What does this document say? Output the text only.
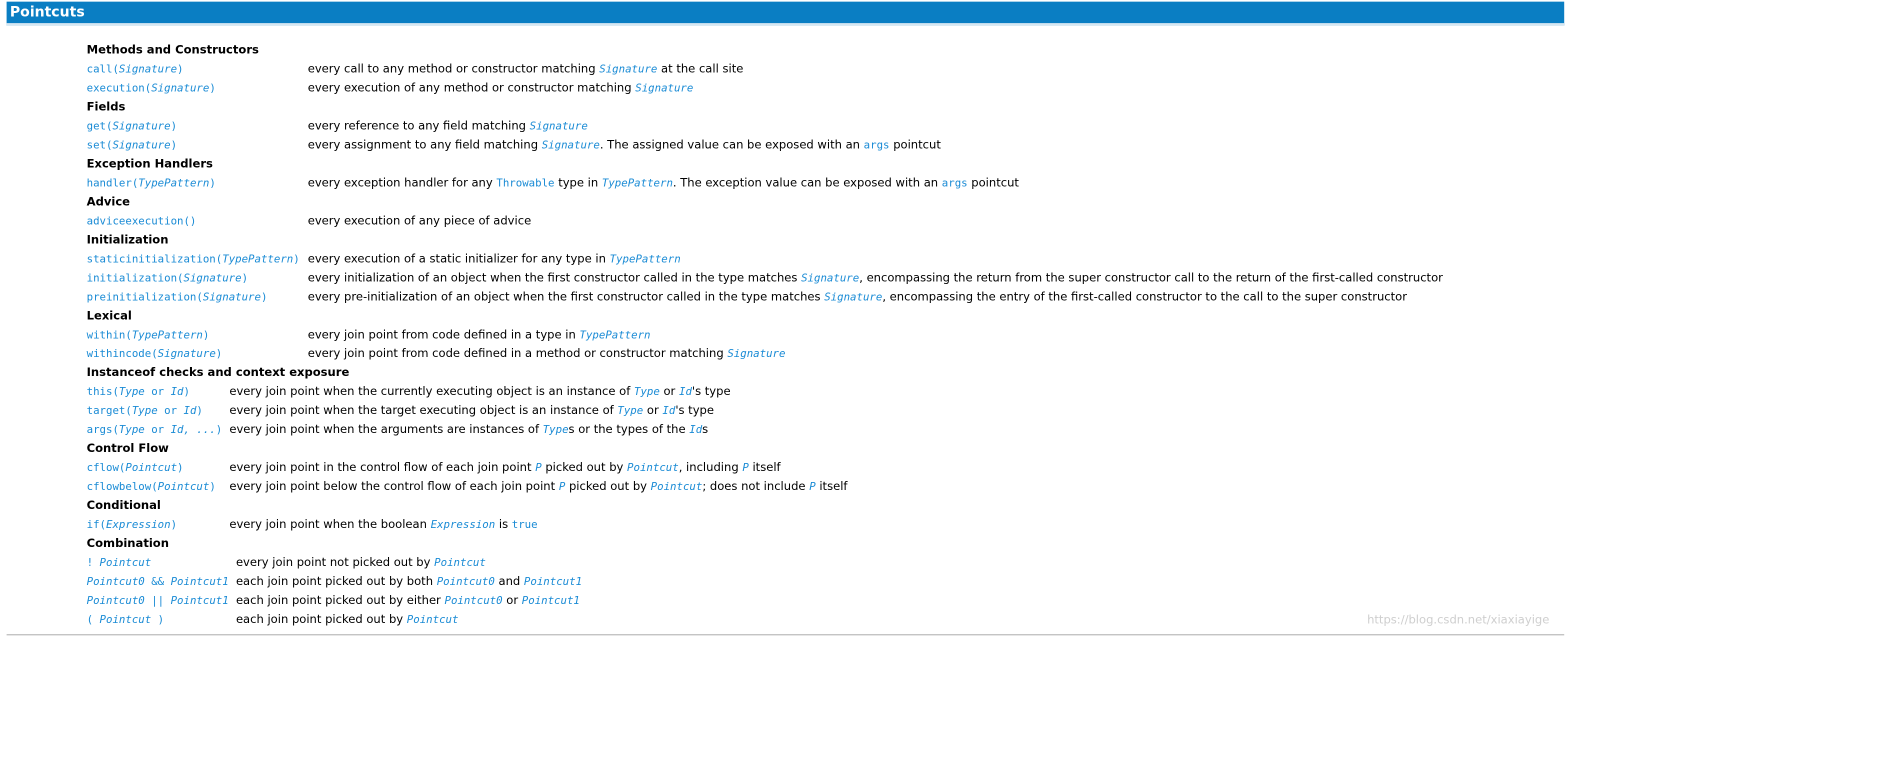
Pointcuts
Methods and Constructors
call(Signature)	every call to any method or constructor matching Signature at the call site
execution(Signature)	every execution of any method or constructor matching Signature
Fields
get(Signature)	every reference to any field matching Signature
set(Signature)	every assignment to any field matching Signature. The assigned value can be exposed with an args pointcut
Exception Handlers
handler(TypePattern)	every exception handler for any Throwable type in TypePattern. The exception value can be exposed with an args pointcut
Advice
adviceexecution()	every execution of any piece of advice
Initialization
staticinitialization(TypePattern) every execution of a static initializer for any type in TypePattern
initialization(Signature)	every initialization of an object when the first constructor called in the type matches Signature, encompassing the return from the super constructor call to the return of the first-called constructor
preinitialization(Signature)	every pre-initialization of an object when the first constructor called in the type matches Signature, encompassing the entry of the first-called constructor to the call to the super constructor
Lexical
within(TypePattern)	every join point from code defined in a type in TypePattern
withincode(Signature)	every join point from code defined in a method or constructor matching Signature
Instanceof checks and context exposure
this(Type or Id)	every join point when the currently executing object is an instance of Type or Id's type
target(Type or Id) every join point when the target executing object is an instance of Type or Id's type
args(Type or Id, ...) every join point when the arguments are instances of Types or the types of the Ids
Control Flow
cflow(Pointcut)	every join point in the control flow of each join point P picked out by Pointcut, including P itself
cflowbelow(Pointcut) every join point below the control flow of each join point P picked out by Pointcut; does not include P itself
Conditional
if(Expression)	every join point when the boolean Expression is true
Combination
! Pointcut	every join point not picked out by Pointcut
Pointcut0 && Pointcut1 each join point picked out by both Pointcut0 and Pointcut1
Pointcut0 || Pointcut1 each join point picked out by either Pointcut0 or Pointcut1
( Pointcut )	each join point picked out by Pointcut	https://blog.csdn.net/xiaxiayige
